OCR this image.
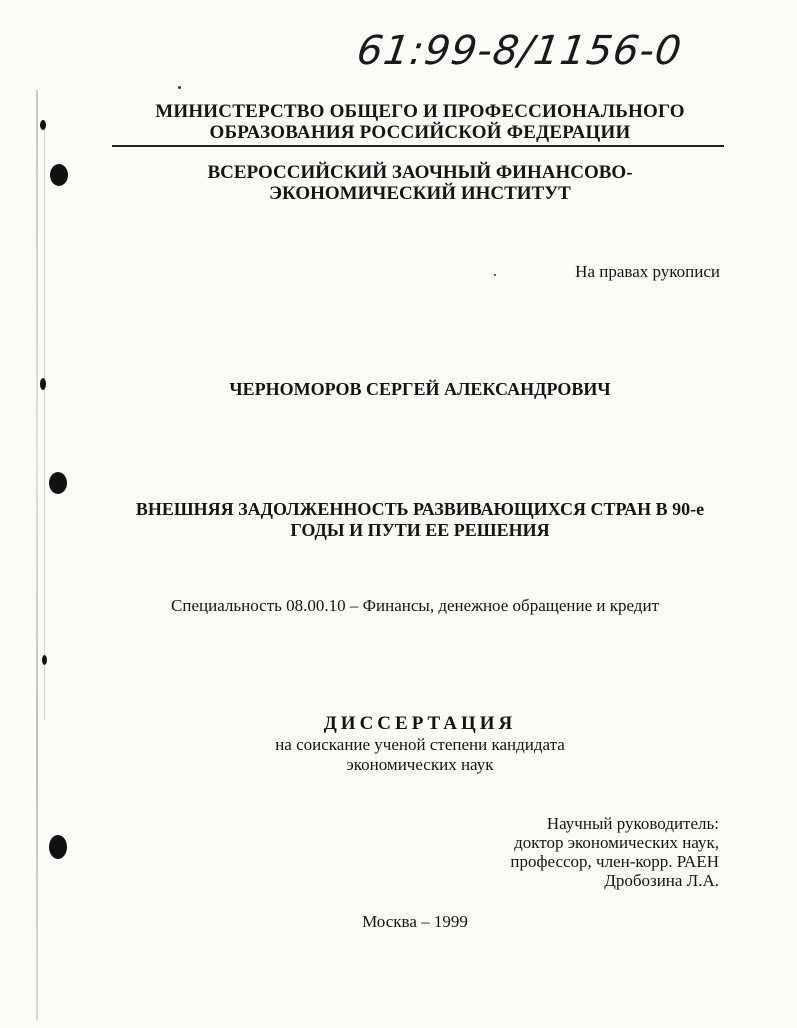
61:99-8/1156-0
МИНИСТЕРСТВО ОБЩЕГО И ПРОФЕССИОНАЛЬНОГО
ОБРАЗОВАНИЯ РОССИЙСКОЙ ФЕДЕРАЦИИ
ВСЕРОССИЙСКИЙ ЗАОЧНЫЙ ФИНАНСОВО-
ЭКОНОМИЧЕСКИЙ ИНСТИТУТ
На правах рукописи
ЧЕРНОМОРОВ СЕРГЕЙ АЛЕКСАНДРОВИЧ
ВНЕШНЯЯ ЗАДОЛЖЕННОСТЬ РАЗВИВАЮЩИХСЯ СТРАН В 90-е
ГОДЫ И ПУТИ ЕЕ РЕШЕНИЯ
Специальность 08.00.10 – Финансы, денежное обращение и кредит
ДИССЕРТАЦИЯ
на соискание ученой степени кандидата
экономических наук
Научный руководитель:
доктор экономических наук,
профессор, член-корр. РАЕН
Дробозина Л.А.
Москва – 1999
